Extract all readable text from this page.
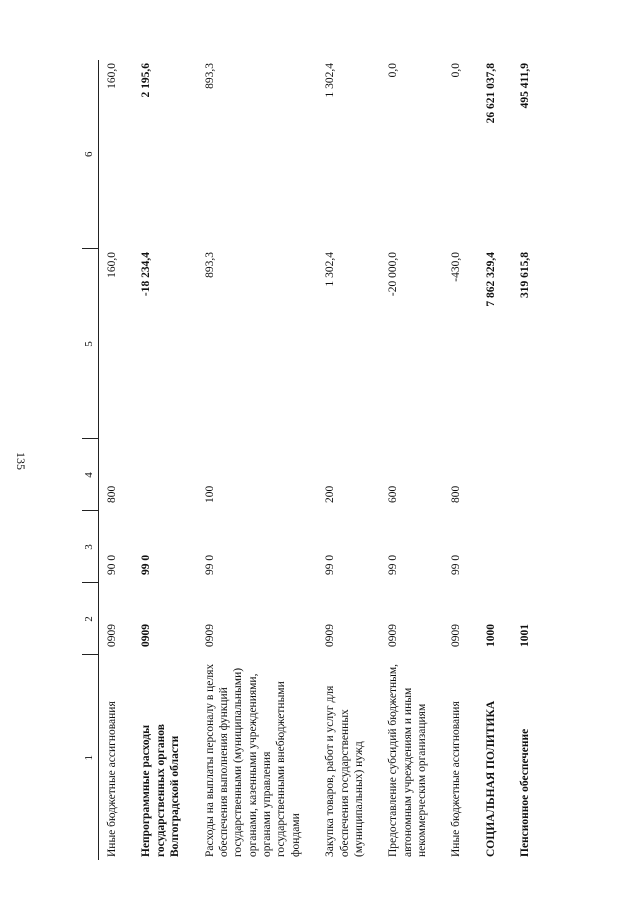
135
1	2	3	4	5	6
Иные бюджетные ассигнования	0909	90 0	800	160,0	160,0
Непрограммные расходы государственных органов Волгоградской области	0909	99 0		-18 234,4	2 195,6
Расходы на выплаты персоналу в целях обеспечения выполнения функций государственными (муниципальными) органами, казенными учреждениями, органами управления государственными внебюджетными фондами	0909	99 0	100	893,3	893,3
Закупка товаров, работ и услуг для обеспечения государственных (муниципальных) нужд	0909	99 0	200	1 302,4	1 302,4
Предоставление субсидий бюджетным, автономным учреждениям и иным некоммерческим организациям	0909	99 0	600	-20 000,0	0,0
Иные бюджетные ассигнования	0909	99 0	800	-430,0	0,0
СОЦИАЛЬНАЯ ПОЛИТИКА	1000			7 862 329,4	26 621 037,8
Пенсионное обеспечение	1001			319 615,8	495 411,9
